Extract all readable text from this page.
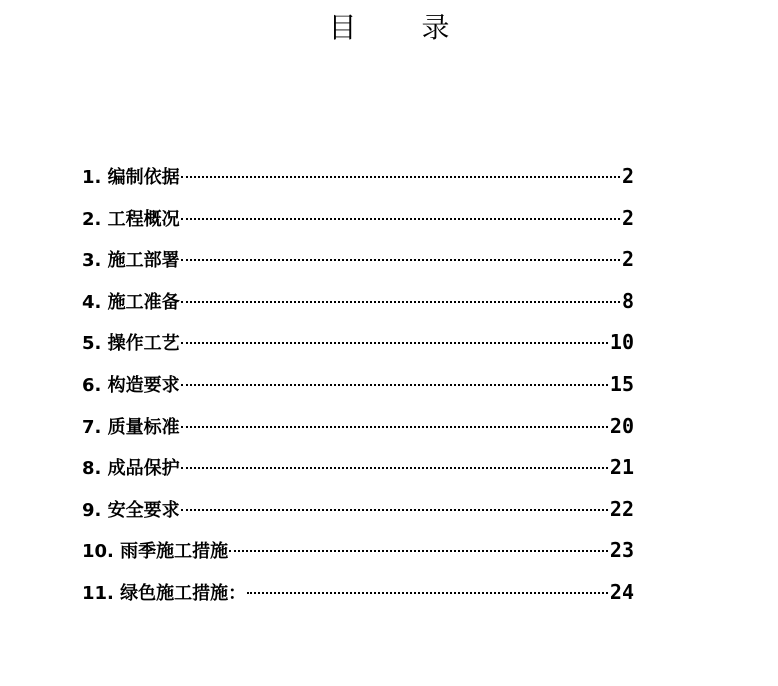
目 录
1. 编制依据	2
2. 工程概况	2
3. 施工部署	2
4. 施工准备	8
5. 操作工艺	10
6. 构造要求	15
7. 质量标准	20
8. 成品保护	21
9. 安全要求	22
10. 雨季施工措施	23
11. 绿色施工措施：	24
